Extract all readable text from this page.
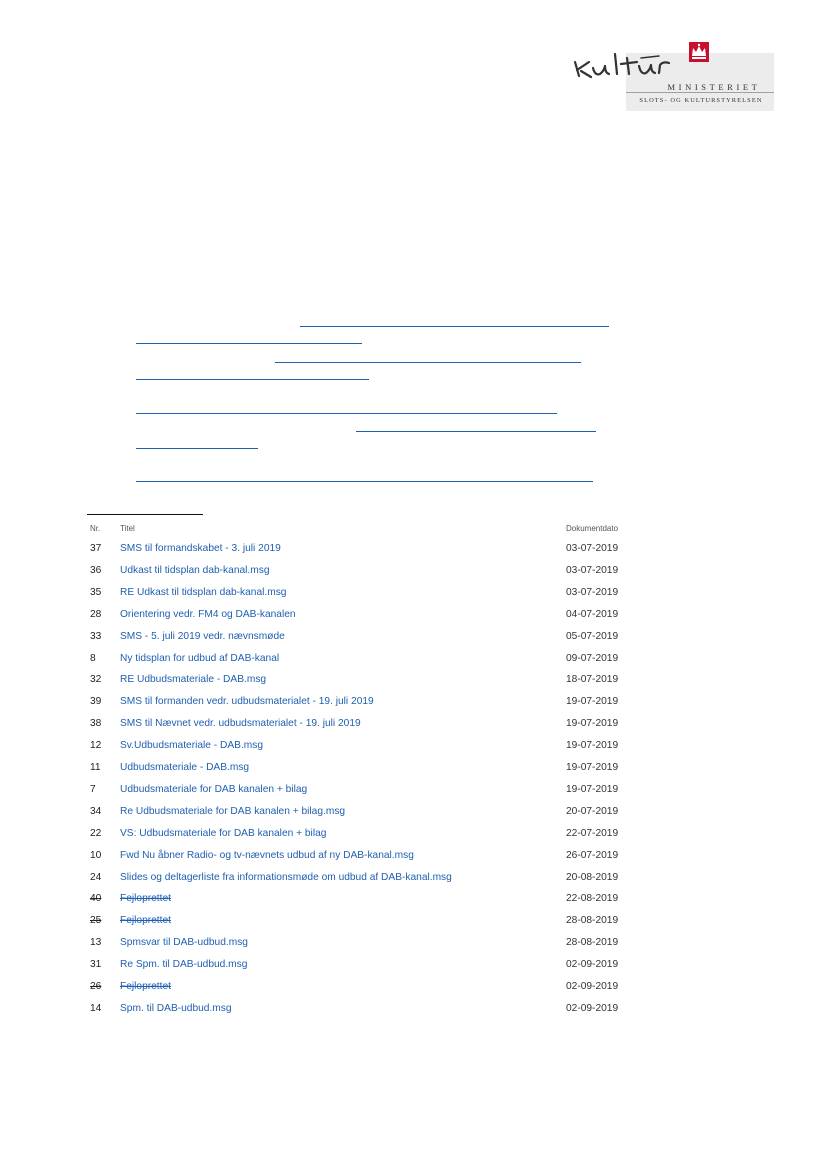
MINISTERIET
SLOTS- OG KULTURSTYRELSEN
Nr. Titel	Dokumentdato
37 SMS til formandskabet - 3. juli 2019	03-07-2019
36 Udkast til tidsplan dab-kanal.msg	03-07-2019
35 RE Udkast til tidsplan dab-kanal.msg	03-07-2019
28 Orientering vedr. FM4 og DAB-kanalen	04-07-2019
33 SMS - 5. juli 2019 vedr. nævnsmøde	05-07-2019
8 Ny tidsplan for udbud af DAB-kanal	09-07-2019
32 RE Udbudsmateriale - DAB.msg	18-07-2019
39 SMS til formanden vedr. udbudsmaterialet - 19. juli 2019	19-07-2019
38 SMS til Nævnet vedr. udbudsmaterialet - 19. juli 2019	19-07-2019
12 Sv.Udbudsmateriale - DAB.msg	19-07-2019
11 Udbudsmateriale - DAB.msg	19-07-2019
7 Udbudsmateriale for DAB kanalen + bilag	19-07-2019
34 Re Udbudsmateriale for DAB kanalen + bilag.msg	20-07-2019
22 VS: Udbudsmateriale for DAB kanalen + bilag	22-07-2019
10 Fwd Nu åbner Radio- og tv-nævnets udbud af ny DAB-kanal.msg	26-07-2019
24 Slides og deltagerliste fra informationsmøde om udbud af DAB-kanal.msg	20-08-2019
40 Fejloprettet	22-08-2019
25 Fejloprettet	28-08-2019
13 Spmsvar til DAB-udbud.msg	28-08-2019
31 Re Spm. til DAB-udbud.msg	02-09-2019
26 Fejloprettet	02-09-2019
14 Spm. til DAB-udbud.msg	02-09-2019
